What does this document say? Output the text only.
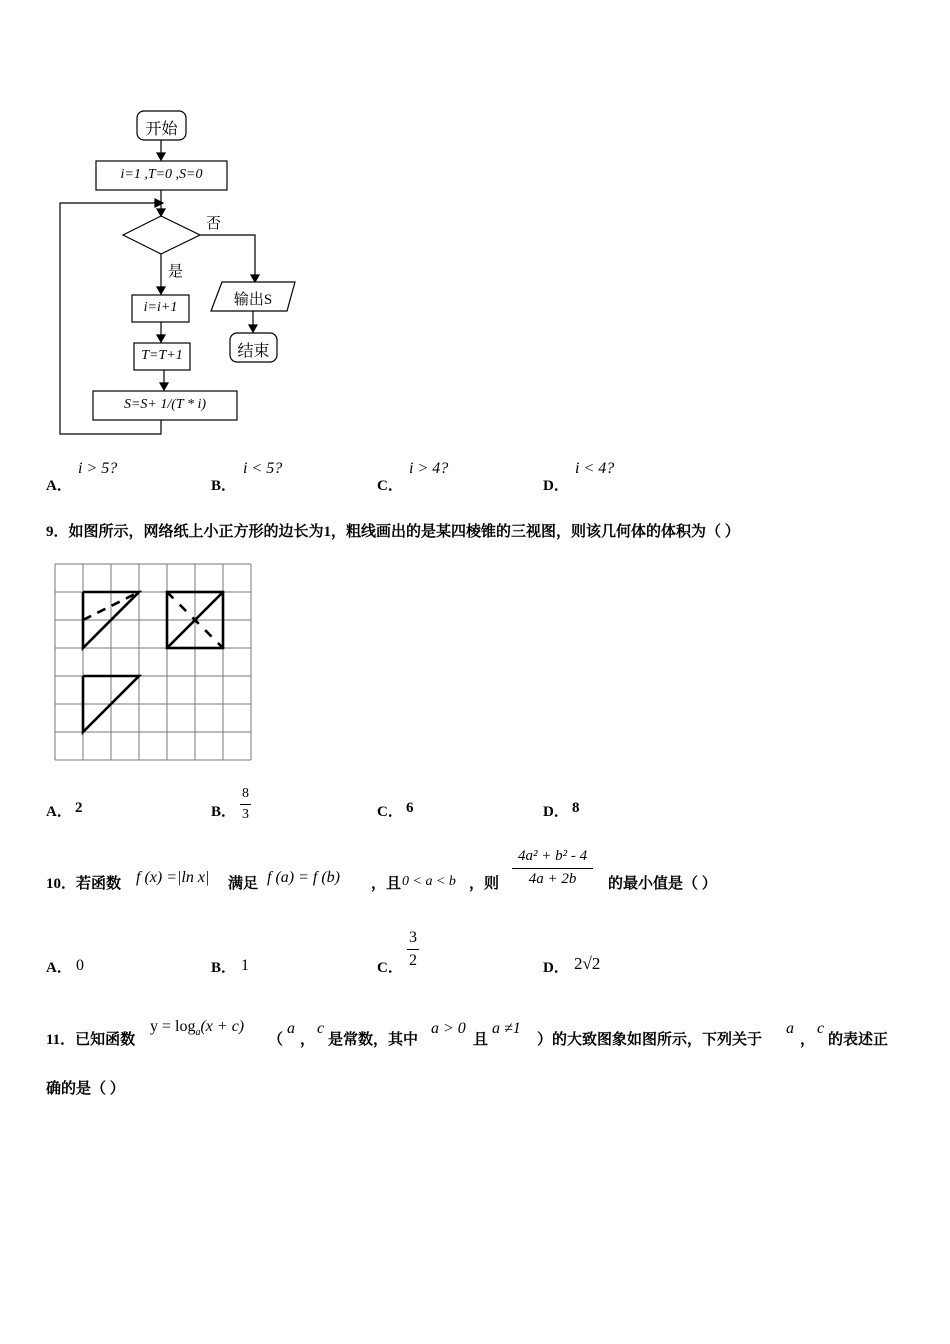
开始
i=1 ,T=0 ,S=0
否
是
i=i+1
T=T+1
S=S+ 1/(T * i)
输出S
结束
A．
i > 5?
B．
i < 5?
C．
i > 4?
D．
i < 4?
9．如图所示，网络纸上小正方形的边长为1，粗线画出的是某四棱锥的三视图，则该几何体的体积为（ ）
A． 2	B． $\frac{8}{3}$	C． 6	D． 8
10．若函数 f (x) =|ln x| 满足 f (a) = f (b) ，且 0 < a < b ，则 $\frac{\text{4a² + b² - 4}}{4a + 2b}$ 的最小值是（ ）
A． 0	B． 1	C． $\frac{3}{2}$	D． 2√2
11．已知函数
$y = \log_a(x + c)$
（
a
，
c
是常数，其中
a > 0
且
a ≠1
）的大致图象如图所示，下列关于
a
，
c
的表述正
确的是（ ）
